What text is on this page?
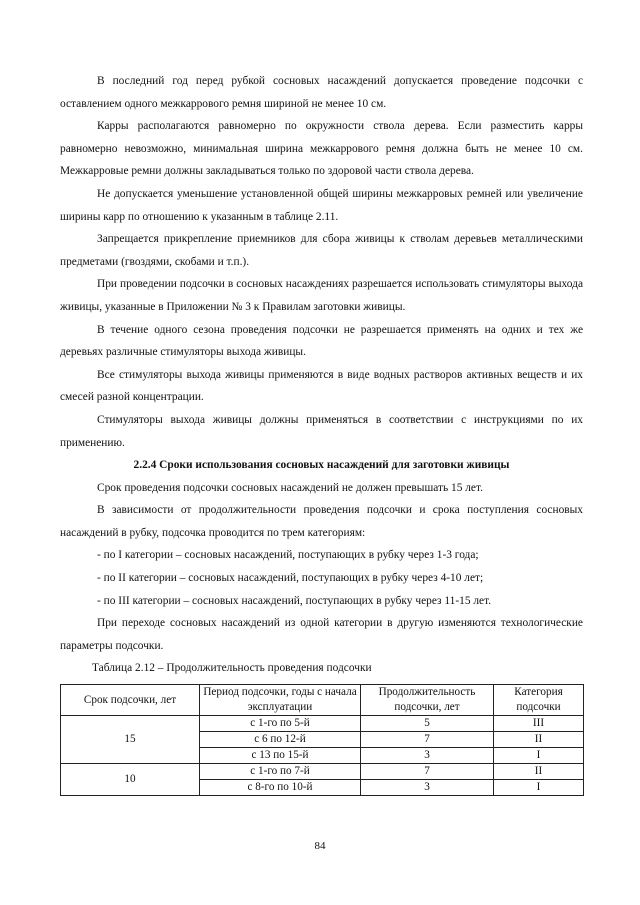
В последний год перед рубкой сосновых насаждений допускается проведение подсочки с оставлением одного межкаррового ремня шириной не менее 10 см.

Карры располагаются равномерно по окружности ствола дерева. Если разместить карры равномерно невозможно, минимальная ширина межкаррового ремня должна быть не менее 10 см. Межкарровые ремни должны закладываться только по здоровой части ствола дерева.

Не допускается уменьшение установленной общей ширины межкарровых ремней или увеличение ширины карр по отношению к указанным в таблице 2.11.

Запрещается прикрепление приемников для сбора живицы к стволам деревьев металлическими предметами (гвоздями, скобами и т.п.).

При проведении подсочки в сосновых насаждениях разрешается использовать стимуляторы выхода живицы, указанные в Приложении № 3 к Правилам заготовки живицы.

В течение одного сезона проведения подсочки не разрешается применять на одних и тех же деревьях различные стимуляторы выхода живицы.

Все стимуляторы выхода живицы применяются в виде водных растворов активных веществ и их смесей разной концентрации.

Стимуляторы выхода живицы должны применяться в соответствии с инструкциями по их применению.

2.2.4 Сроки использования сосновых насаждений для заготовки живицы

Срок проведения подсочки сосновых насаждений не должен превышать 15 лет.

В зависимости от продолжительности проведения подсочки и срока поступления сосновых насаждений в рубку, подсочка проводится по трем категориям:

- по I категории – сосновых насаждений, поступающих в рубку через 1-3 года;

- по II категории – сосновых насаждений, поступающих в рубку через 4-10 лет;

- по III категории – сосновых насаждений, поступающих в рубку через 11-15 лет.

При переходе сосновых насаждений из одной категории в другую изменяются технологические параметры подсочки.

Таблица 2.12 – Продолжительность проведения подсочки

Срок подсочки, лет	Период подсочки, годы с начала эксплуатации	Продолжительность подсочки, лет	Категория подсочки
15	с 1-го по 5-й	5	III
	с 6 по 12-й	7	II
	с 13 по 15-й	3	I
10	с 1-го по 7-й	7	II
	с 8-го по 10-й	3	I
84
